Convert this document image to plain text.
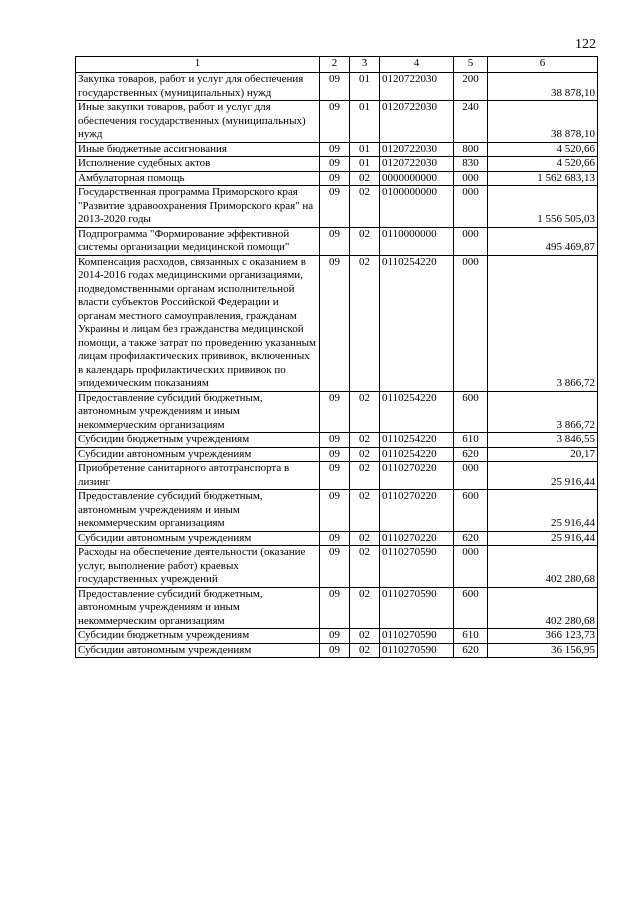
122
1	2	3	4	5	6
Закупка товаров, работ и услуг для обеспечения государственных (муниципальных) нужд	09	01	0120722030	200	38 878,10
Иные закупки товаров, работ и услуг для обеспечения государственных (муниципальных) нужд	09	01	0120722030	240	38 878,10
Иные бюджетные ассигнования	09	01	0120722030	800	4 520,66
Исполнение судебных актов	09	01	0120722030	830	4 520,66
Амбулаторная помощь	09	02	0000000000	000	1 562 683,13
Государственная программа Приморского края "Развитие здравоохранения Приморского края" на 2013-2020 годы	09	02	0100000000	000	1 556 505,03
Подпрограмма "Формирование эффективной системы организации медицинской помощи"	09	02	0110000000	000	495 469,87
Компенсация расходов, связанных с оказанием в 2014-2016 годах медицинскими организациями, подведомственными органам исполнительной власти субъектов Российской Федерации и органам местного самоуправления, гражданам Украины и лицам без гражданства медицинской помощи, а также затрат по проведению указанным лицам профилактических прививок, включенных в календарь профилактических прививок по эпидемическим показаниям	09	02	0110254220	000	3 866,72
Предоставление субсидий бюджетным, автономным учреждениям и иным некоммерческим организациям	09	02	0110254220	600	3 866,72
Субсидии бюджетным учреждениям	09	02	0110254220	610	3 846,55
Субсидии автономным учреждениям	09	02	0110254220	620	20,17
Приобретение санитарного автотранспорта в лизинг	09	02	0110270220	000	25 916,44
Предоставление субсидий бюджетным, автономным учреждениям и иным некоммерческим организациям	09	02	0110270220	600	25 916,44
Субсидии автономным учреждениям	09	02	0110270220	620	25 916,44
Расходы на обеспечение деятельности (оказание услуг, выполнение работ) краевых государственных учреждений	09	02	0110270590	000	402 280,68
Предоставление субсидий бюджетным, автономным учреждениям и иным некоммерческим организациям	09	02	0110270590	600	402 280,68
Субсидии бюджетным учреждениям	09	02	0110270590	610	366 123,73
Субсидии автономным учреждениям	09	02	0110270590	620	36 156,95
